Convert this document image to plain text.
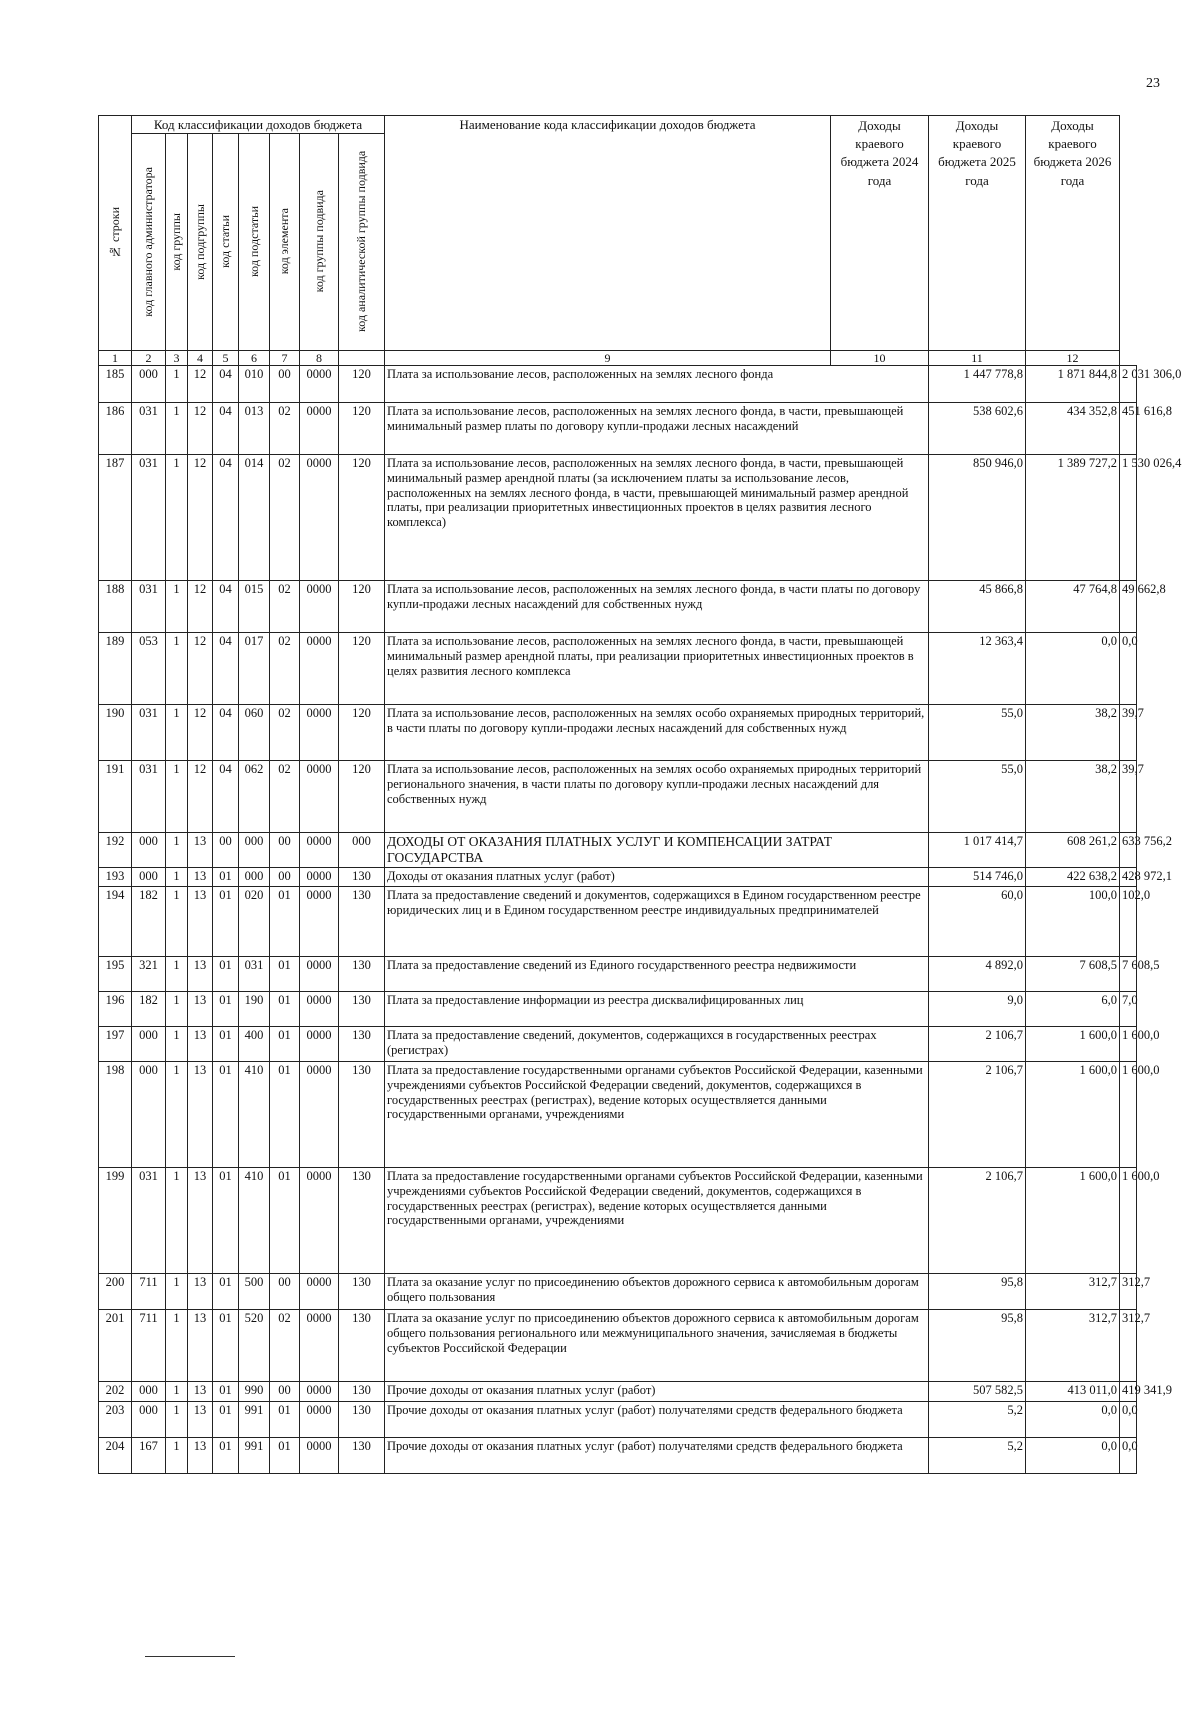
23
№ строки	Код классификации доходов бюджета								Наименование кода классификации доходов бюджета	Доходы краевого бюджета 2024 года	Доходы краевого бюджета 2025 года	Доходы краевого бюджета 2026 года	

	код главного администратора	код группы	код подгруппы	код статьи	код подстатьи	код элемента	код группы подвида	код аналитической группы подвида					

1	2	3	4	5	6	7	8		9	10	11	12	
185	000	1	12	04	010	00	0000	120	Плата за использование лесов, расположенных на землях лесного фонда		1 447 778,8	1 871 844,8	2 031 306,0
186	031	1	12	04	013	02	0000	120	Плата за использование лесов, расположенных на землях лесного фонда, в части, превышающей минимальный размер платы по договору купли-продажи лесных насаждений		538 602,6	434 352,8	451 616,8
187	031	1	12	04	014	02	0000	120	Плата за использование лесов, расположенных на землях лесного фонда, в части, превышающей минимальный размер арендной платы (за исключением платы за использование лесов, расположенных на землях лесного фонда, в части, превышающей минимальный размер арендной платы, при реализации приоритетных инвестиционных проектов в целях развития лесного комплекса)		850 946,0	1 389 727,2	1 530 026,4
188	031	1	12	04	015	02	0000	120	Плата за использование лесов, расположенных на землях лесного фонда, в части платы по договору купли-продажи лесных насаждений для собственных нужд		45 866,8	47 764,8	49 662,8
189	053	1	12	04	017	02	0000	120	Плата за использование лесов, расположенных на землях лесного фонда, в части, превышающей минимальный размер арендной платы, при реализации приоритетных инвестиционных проектов в целях развития лесного комплекса		12 363,4	0,0	0,0
190	031	1	12	04	060	02	0000	120	Плата за использование лесов, расположенных на землях особо охраняемых природных территорий, в части платы по договору купли-продажи лесных насаждений для собственных нужд		55,0	38,2	39,7
191	031	1	12	04	062	02	0000	120	Плата за использование лесов, расположенных на землях особо охраняемых природных территорий регионального значения, в части платы по договору купли-продажи лесных насаждений для собственных нужд		55,0	38,2	39,7
192	000	1	13	00	000	00	0000	000	ДОХОДЫ ОТ ОКАЗАНИЯ ПЛАТНЫХ УСЛУГ И КОМПЕНСАЦИИ ЗАТРАТ ГОСУДАРСТВА		1 017 414,7	608 261,2	633 756,2
193	000	1	13	01	000	00	0000	130	Доходы от оказания платных услуг (работ)		514 746,0	422 638,2	428 972,1
194	182	1	13	01	020	01	0000	130	Плата за предоставление сведений и документов, содержащихся в Едином государственном реестре юридических лиц и в Едином государственном реестре индивидуальных предпринимателей		60,0	100,0	102,0
195	321	1	13	01	031	01	0000	130	Плата за предоставление сведений из Единого государственного реестра недвижимости		4 892,0	7 608,5	7 608,5
196	182	1	13	01	190	01	0000	130	Плата за предоставление информации из реестра дисквалифицированных лиц		9,0	6,0	7,0
197	000	1	13	01	400	01	0000	130	Плата за предоставление сведений, документов, содержащихся в государственных реестрах (регистрах)		2 106,7	1 600,0	1 600,0
198	000	1	13	01	410	01	0000	130	Плата за предоставление государственными органами субъектов Российской Федерации, казенными учреждениями субъектов Российской Федерации сведений, документов, содержащихся в государственных реестрах (регистрах), ведение которых осуществляется данными государственными органами, учреждениями		2 106,7	1 600,0	1 600,0
199	031	1	13	01	410	01	0000	130	Плата за предоставление государственными органами субъектов Российской Федерации, казенными учреждениями субъектов Российской Федерации сведений, документов, содержащихся в государственных реестрах (регистрах), ведение которых осуществляется данными государственными органами, учреждениями		2 106,7	1 600,0	1 600,0
200	711	1	13	01	500	00	0000	130	Плата за оказание услуг по присоединению объектов дорожного сервиса к автомобильным дорогам общего пользования		95,8	312,7	312,7
201	711	1	13	01	520	02	0000	130	Плата за оказание услуг по присоединению объектов дорожного сервиса к автомобильным дорогам общего пользования регионального или межмуниципального значения, зачисляемая в бюджеты субъектов Российской Федерации		95,8	312,7	312,7
202	000	1	13	01	990	00	0000	130	Прочие доходы от оказания платных услуг (работ)		507 582,5	413 011,0	419 341,9
203	000	1	13	01	991	01	0000	130	Прочие доходы от оказания платных услуг (работ) получателями средств федерального бюджета		5,2	0,0	0,0
204	167	1	13	01	991	01	0000	130	Прочие доходы от оказания платных услуг (работ) получателями средств федерального бюджета		5,2	0,0	0,0
